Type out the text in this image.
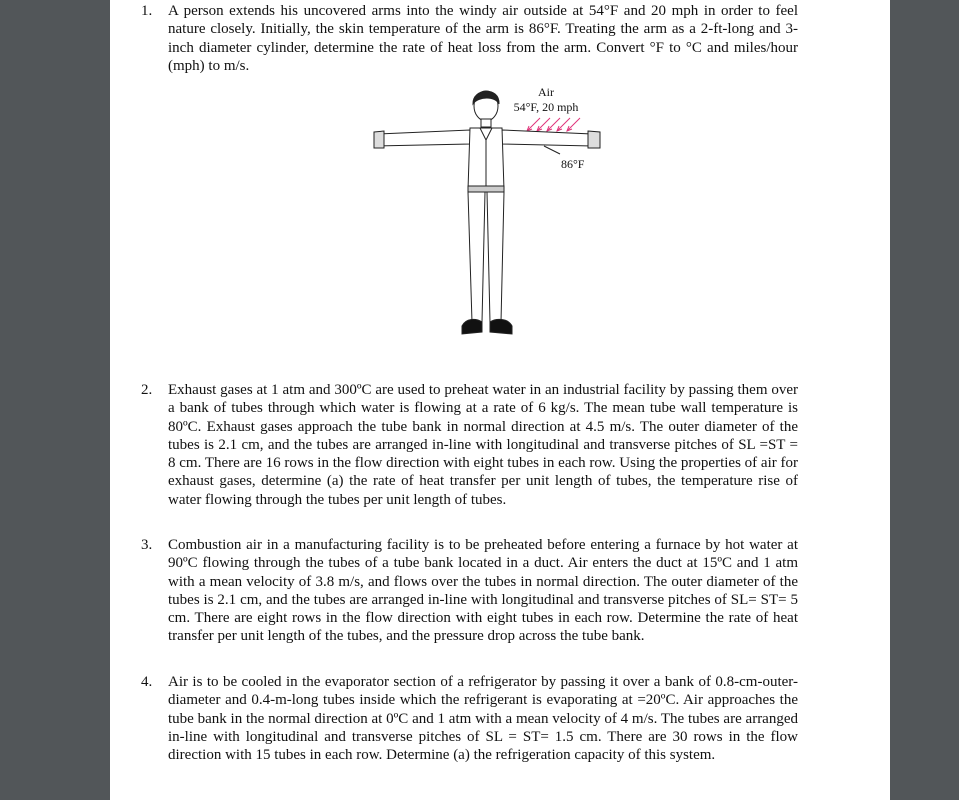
1. A person extends his uncovered arms into the windy air outside at 54°F and 20 mph in order to feel nature closely. Initially, the skin temperature of the arm is 86°F. Treating the arm as a 2-ft-long and 3-inch diameter cylinder, determine the rate of heat loss from the arm. Convert °F to °C and miles/hour (mph) to m/s.
Air
54°F, 20 mph
86°F
2. Exhaust gases at 1 atm and 300ºC are used to preheat water in an industrial facility by passing them over a bank of tubes through which water is flowing at a rate of 6 kg/s. The mean tube wall temperature is 80ºC. Exhaust gases approach the tube bank in normal direction at 4.5 m/s. The outer diameter of the tubes is 2.1 cm, and the tubes are arranged in-line with longitudinal and transverse pitches of SL =ST = 8 cm. There are 16 rows in the flow direction with eight tubes in each row. Using the properties of air for exhaust gases, determine (a) the rate of heat transfer per unit length of tubes, the temperature rise of water flowing through the tubes per unit length of tubes.
3. Combustion air in a manufacturing facility is to be preheated before entering a furnace by hot water at 90ºC flowing through the tubes of a tube bank located in a duct. Air enters the duct at 15ºC and 1 atm with a mean velocity of 3.8 m/s, and flows over the tubes in normal direction. The outer diameter of the tubes is 2.1 cm, and the tubes are arranged in-line with longitudinal and transverse pitches of SL= ST= 5 cm. There are eight rows in the flow direction with eight tubes in each row. Determine the rate of heat transfer per unit length of the tubes, and the pressure drop across the tube bank.
4. Air is to be cooled in the evaporator section of a refrigerator by passing it over a bank of 0.8-cm-outer-diameter and 0.4-m-long tubes inside which the refrigerant is evaporating at =20ºC. Air approaches the tube bank in the normal direction at 0ºC and 1 atm with a mean velocity of 4 m/s. The tubes are arranged in-line with longitudinal and transverse pitches of SL = ST= 1.5 cm. There are 30 rows in the flow direction with 15 tubes in each row. Determine (a) the refrigeration capacity of this system.
